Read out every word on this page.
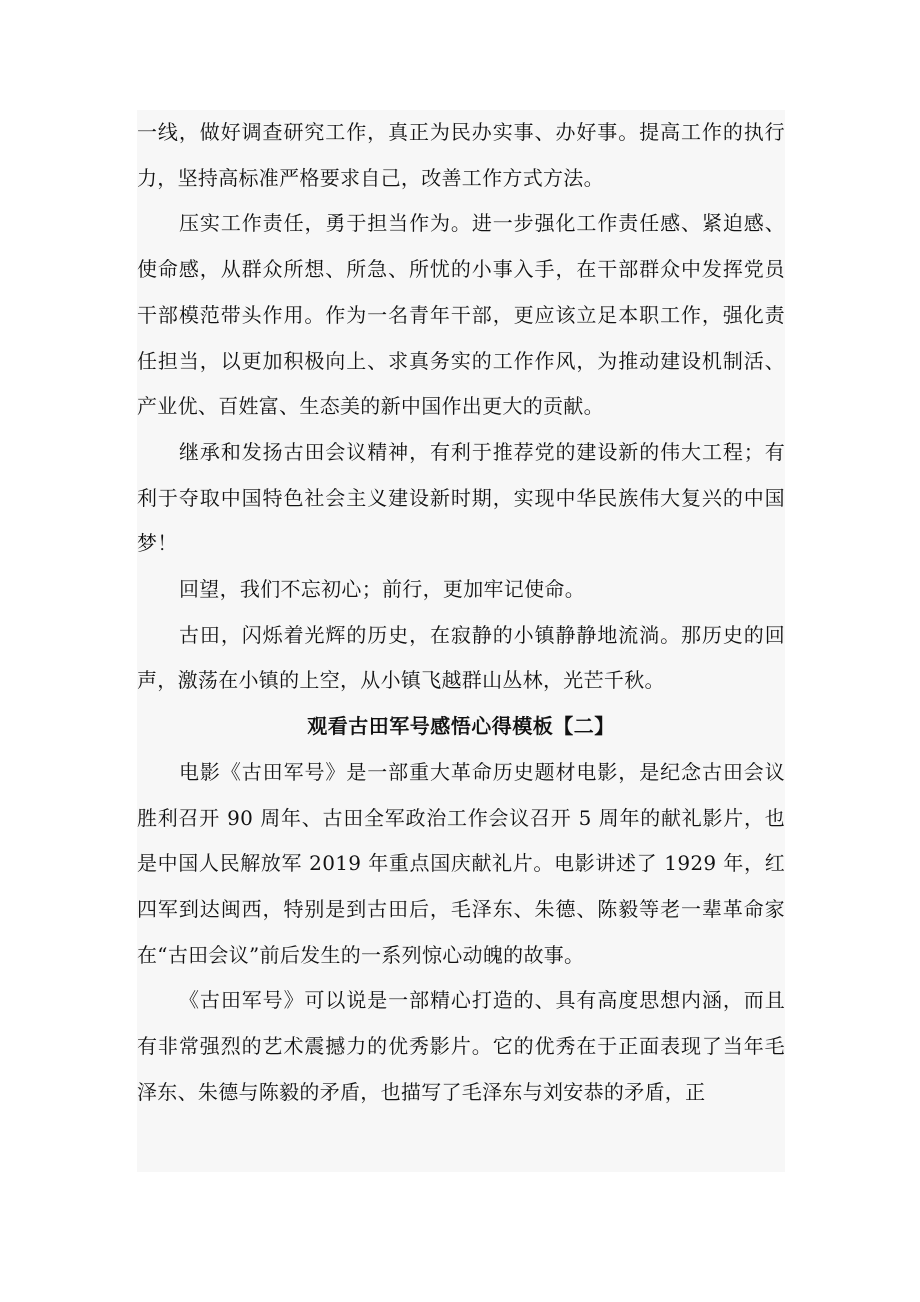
一线，做好调查研究工作，真正为民办实事、办好事。提高工作的执行力，坚持高标准严格要求自己，改善工作方式方法。

压实工作责任，勇于担当作为。进一步强化工作责任感、紧迫感、使命感，从群众所想、所急、所忧的小事入手，在干部群众中发挥党员干部模范带头作用。作为一名青年干部，更应该立足本职工作，强化责任担当，以更加积极向上、求真务实的工作作风，为推动建设机制活、产业优、百姓富、生态美的新中国作出更大的贡献。

继承和发扬古田会议精神，有利于推荐党的建设新的伟大工程；有利于夺取中国特色社会主义建设新时期，实现中华民族伟大复兴的中国梦！

回望，我们不忘初心；前行，更加牢记使命。

古田，闪烁着光辉的历史，在寂静的小镇静静地流淌。那历史的回声，激荡在小镇的上空，从小镇飞越群山丛林，光芒千秋。

观看古田军号感悟心得模板【二】

电影《古田军号》是一部重大革命历史题材电影，是纪念古田会议胜利召开 90 周年、古田全军政治工作会议召开 5 周年的献礼影片，也是中国人民解放军 2019 年重点国庆献礼片。电影讲述了 1929 年，红四军到达闽西，特别是到古田后，毛泽东、朱德、陈毅等老一辈革命家在“古田会议”前后发生的一系列惊心动魄的故事。

《古田军号》可以说是一部精心打造的、具有高度思想内涵，而且有非常强烈的艺术震撼力的优秀影片。它的优秀在于正面表现了当年毛泽东、朱德与陈毅的矛盾，也描写了毛泽东与刘安恭的矛盾，正
